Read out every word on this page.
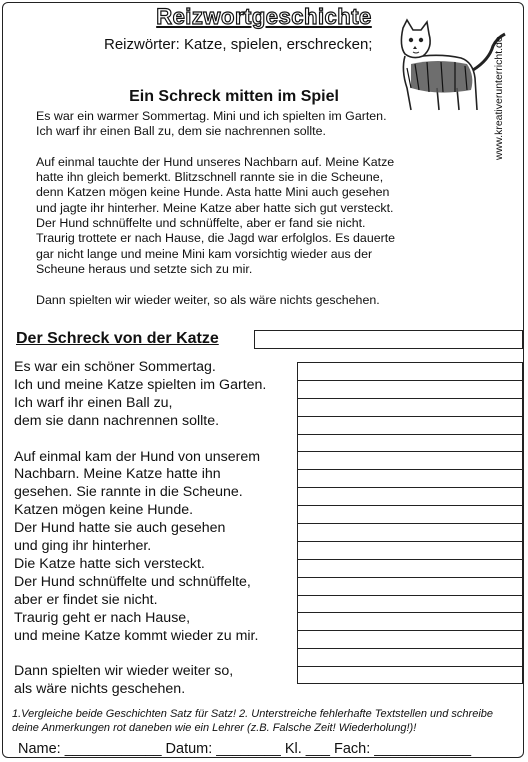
Reizwortgeschichte
Reizwörter: Katze, spielen, erschrecken;	www.kreativerunterricht.de
Ein Schreck mitten im Spiel

Es war ein warmer Sommertag. Mini und ich spielten im Garten.
Ich warf ihr einen Ball zu, dem sie nachrennen sollte.

Auf einmal tauchte der Hund unseres Nachbarn auf. Meine Katze
hatte ihn gleich bemerkt. Blitzschnell rannte sie in die Scheune,
denn Katzen mögen keine Hunde. Asta hatte Mini auch gesehen
und jagte ihr hinterher. Meine Katze aber hatte sich gut versteckt.
Der Hund schnüffelte und schnüffelte, aber er fand sie nicht.
Traurig trottete er nach Hause, die Jagd war erfolglos. Es dauerte
gar nicht lange und meine Mini kam vorsichtig wieder aus der
Scheune heraus und setzte sich zu mir.

Dann spielten wir wieder weiter, so als wäre nichts geschehen.

Der Schreck von der Katze
Es war ein schöner Sommertag.
Ich und meine Katze spielten im Garten.
Ich warf ihr einen Ball zu,
dem sie dann nachrennen sollte.
Auf einmal kam der Hund von unserem
Nachbarn. Meine Katze hatte ihn
gesehen. Sie rannte in die Scheune.
Katzen mögen keine Hunde.
Der Hund hatte sie auch gesehen
und ging ihr hinterher.
Die Katze hatte sich versteckt.
Der Hund schnüffelte und schnüffelte,
aber er findet sie nicht.
Traurig geht er nach Hause,
und meine Katze kommt wieder zu mir.
Dann spielten wir wieder weiter so,
als wäre nichts geschehen.
1.Vergleiche beide Geschichten Satz für Satz! 2. Unterstreiche fehlerhafte Textstellen und schreibe deine Anmerkungen rot daneben wie ein Lehrer (z.B. Falsche Zeit! Wiederholung!)!
Name: ____________ Datum: ________ Kl. ___ Fach: ____________
